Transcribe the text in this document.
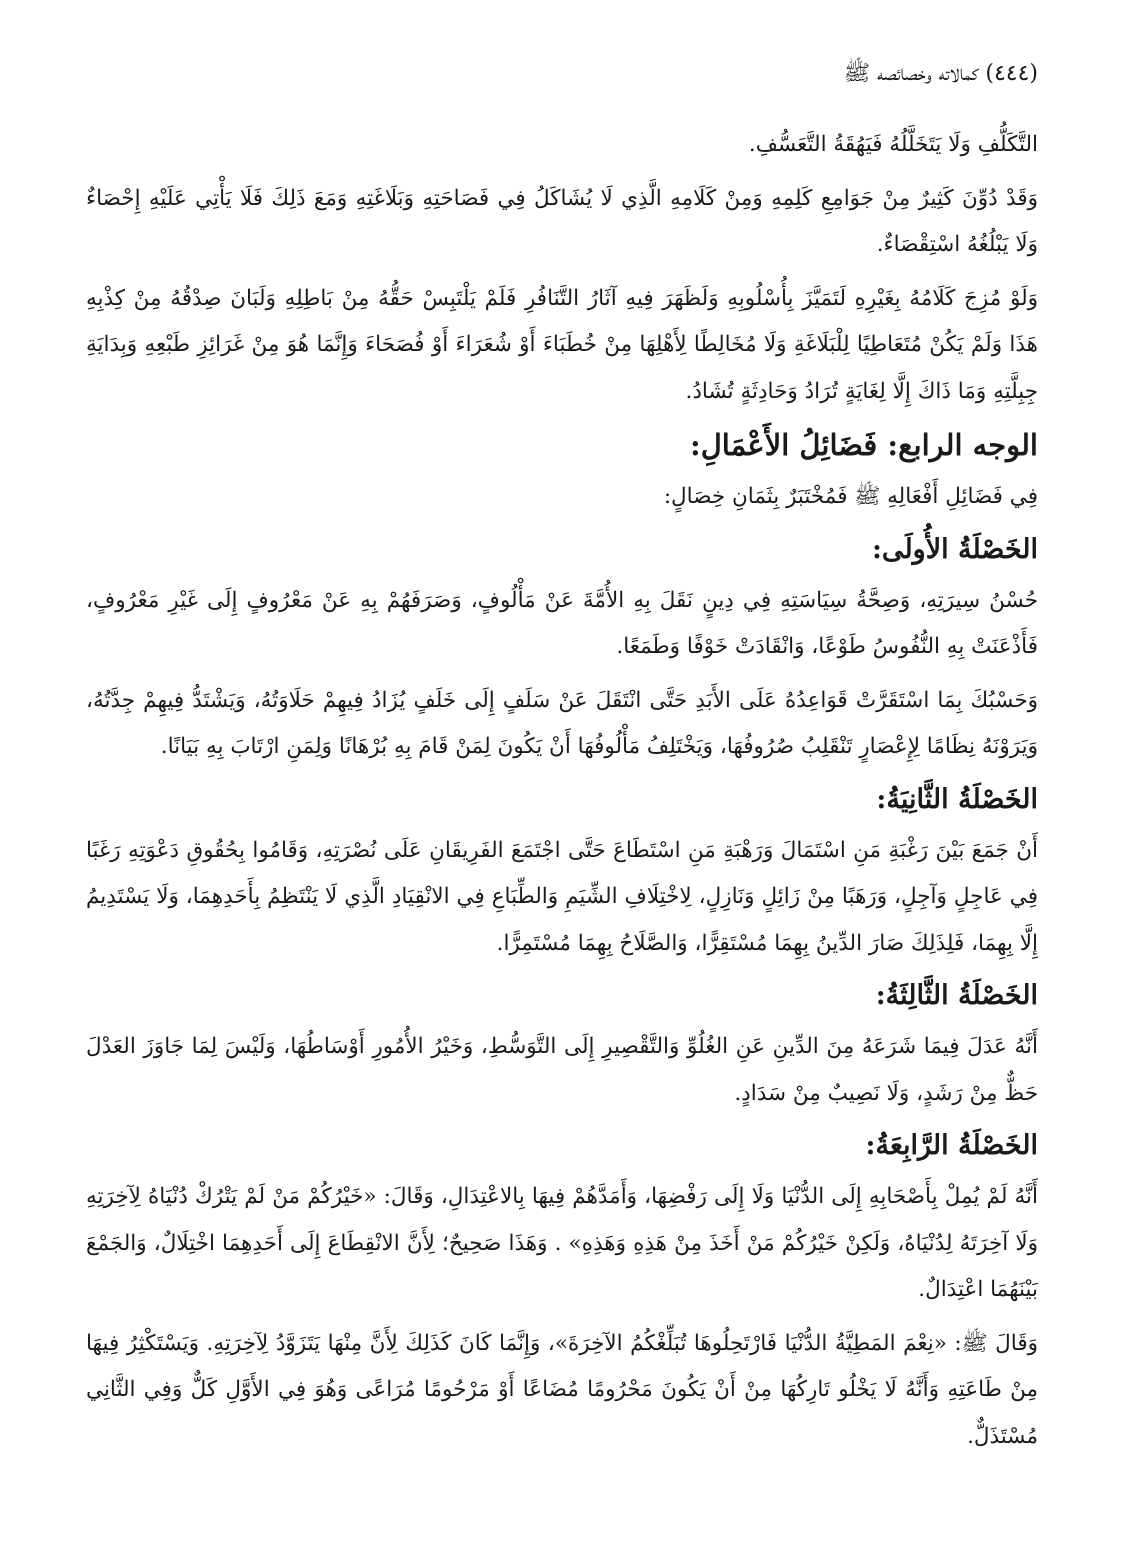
(٤٤٤) كمالاته وخصائصه ﷺ

التَّكَلُّفِ وَلَا يَتَخَلَّلُهُ فَيَهُقَةُ التَّعَسُّفِ.

وَقَدْ دُوِّنَ كَثِيرٌ مِنْ جَوَامِعِ كَلِمِهِ وَمِنْ كَلَامِهِ الَّذِي لَا يُشَاكَلُ فِي فَصَاحَتِهِ وَبَلَاغَتِهِ وَمَعَ ذَلِكَ فَلَا يَأْتِي عَلَيْهِ إِحْصَاءٌ وَلَا يَبْلُغُهُ اسْتِقْصَاءٌ.

وَلَوْ مُزِجَ كَلَامُهُ بِغَيْرِهِ لَتَمَيَّزَ بِأُسْلُوبِهِ وَلَظَهَرَ فِيهِ آثَارُ التَّنَافُرِ فَلَمْ يَلْتَبِسْ حَقُّهُ مِنْ بَاطِلِهِ وَلَبَانَ صِدْقُهُ مِنْ كِذْبِهِ هَذَا وَلَمْ يَكُنْ مُتَعَاطِيًا لِلْبَلَاغَةِ وَلَا مُخَالِطًا لِأَهْلِهَا مِنْ خُطَبَاءَ أَوْ شُعَرَاءَ أَوْ فُصَحَاءَ وَإِنَّمَا هُوَ مِنْ غَرَائِزِ طَبْعِهِ وَبِدَايَةِ جِبِلَّتِهِ وَمَا ذَاكَ إِلَّا لِغَايَةٍ تُرَادُ وَحَادِثَةٍ تُشَادُ.

الوجه الرابع: فَضَائِلُ الأَعْمَالِ:

فِي فَضَائِلِ أَفْعَالِهِ ﷺ فَمُخْتَبَرٌ بِثَمَانِ خِصَالٍ:

الخَصْلَةُ الأُولَى:

حُسْنُ سِيرَتِهِ، وَصِحَّةُ سِيَاسَتِهِ فِي دِينٍ نَقَلَ بِهِ الأُمَّةَ عَنْ مَأْلُوفٍ، وَصَرَفَهُمْ بِهِ عَنْ مَعْرُوفٍ إِلَى غَيْرِ مَعْرُوفٍ، فَأَذْعَنَتْ بِهِ النُّفُوسُ طَوْعًا، وَانْقَادَتْ خَوْفًا وَطَمَعًا.

وَحَسْبُكَ بِمَا اسْتَقَرَّتْ قَوَاعِدُهُ عَلَى الأَبَدِ حَتَّى انْتَقَلَ عَنْ سَلَفٍ إِلَى خَلَفٍ يُزَادُ فِيهِمْ حَلَاوَتُهُ، وَيَشْتَدُّ فِيهِمْ جِدَّتُهُ، وَيَرَوْنَهُ نِظَامًا لِإِعْصَارٍ تَنْقَلِبُ صُرُوفُهَا، وَيَخْتَلِفُ مَأْلُوفُهَا أَنْ يَكُونَ لِمَنْ قَامَ بِهِ بُرْهَانًا وَلِمَنِ ارْتَابَ بِهِ بَيَانًا.

الخَصْلَةُ الثَّانِيَةُ:

أَنْ جَمَعَ بَيْنَ رَغْبَةِ مَنِ اسْتَمَالَ وَرَهْبَةِ مَنِ اسْتَطَاعَ حَتَّى اجْتَمَعَ الفَرِيقَانِ عَلَى نُصْرَتِهِ، وَقَامُوا بِحُقُوقِ دَعْوَتِهِ رَغَبًا فِي عَاجِلٍ وَآجِلٍ، وَرَهَبًا مِنْ زَائِلٍ وَنَازِلٍ، لِاخْتِلَافِ الشِّيَمِ وَالطِّبَاعِ فِي الانْقِيَادِ الَّذِي لَا يَنْتَظِمُ بِأَحَدِهِمَا، وَلَا يَسْتَدِيمُ إِلَّا بِهِمَا، فَلِذَلِكَ صَارَ الدِّينُ بِهِمَا مُسْتَقِرًّا، وَالصَّلَاحُ بِهِمَا مُسْتَمِرًّا.

الخَصْلَةُ الثَّالِثَةُ:

أَنَّهُ عَدَلَ فِيمَا شَرَعَهُ مِنَ الدِّينِ عَنِ الغُلُوِّ وَالتَّقْصِيرِ إِلَى التَّوَسُّطِ، وَخَيْرُ الأُمُورِ أَوْسَاطُهَا، وَلَيْسَ لِمَا جَاوَزَ العَدْلَ حَظٌّ مِنْ رَشَدٍ، وَلَا نَصِيبٌ مِنْ سَدَادٍ.

الخَصْلَةُ الرَّابِعَةُ:

أَنَّهُ لَمْ يُمِلْ بِأَصْحَابِهِ إِلَى الدُّنْيَا وَلَا إِلَى رَفْضِهَا، وَأَمَدَّهُمْ فِيهَا بِالاعْتِدَالِ، وَقَالَ: «خَيْرُكُمْ مَنْ لَمْ يَتْرُكْ دُنْيَاهُ لِآخِرَتِهِ وَلَا آخِرَتَهُ لِدُنْيَاهُ، وَلَكِنْ خَيْرُكُمْ مَنْ أَخَذَ مِنْ هَذِهِ وَهَذِهِ» . وَهَذَا صَحِيحٌ؛ لِأَنَّ الانْقِطَاعَ إِلَى أَحَدِهِمَا اخْتِلَالٌ، وَالجَمْعَ بَيْنَهُمَا اعْتِدَالٌ.

وَقَالَ ﷺ: «نِعْمَ المَطِيَّةُ الدُّنْيَا فَارْتَحِلُوهَا تُبَلِّغْكُمُ الآخِرَةَ»، وَإِنَّمَا كَانَ كَذَلِكَ لِأَنَّ مِنْهَا يَتَزَوَّدُ لِآخِرَتِهِ. وَيَسْتَكْثِرُ فِيهَا مِنْ طَاعَتِهِ وَأَنَّهُ لَا يَخْلُو تَارِكُهَا مِنْ أَنْ يَكُونَ مَحْرُومًا مُضَاعًا أَوْ مَرْحُومًا مُرَاعًى وَهُوَ فِي الأَوَّلِ كَلٌّ وَفِي الثَّانِي مُسْتَذَلٌّ.
